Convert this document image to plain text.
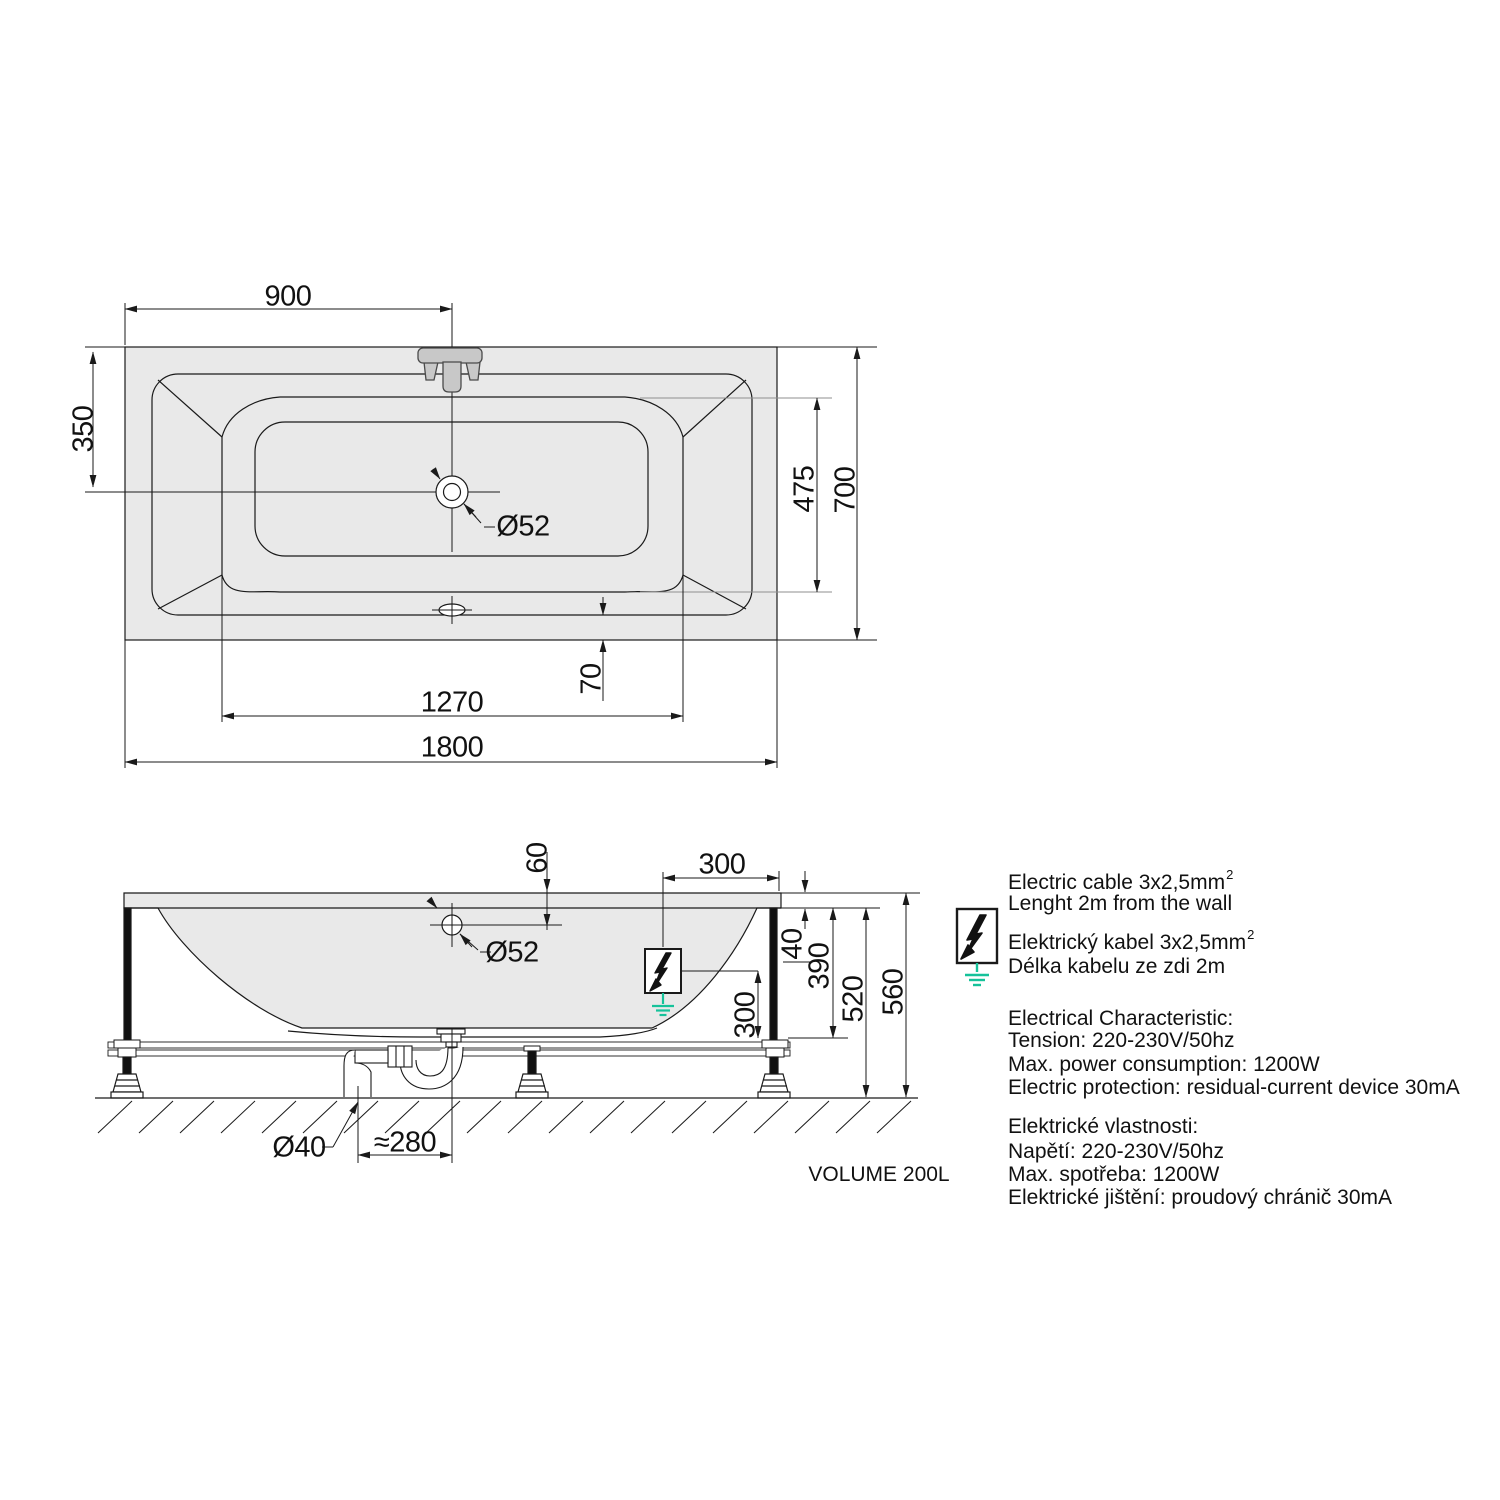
900
350
475 700
70
1270
1800
Ø52
60	300
40
390
520 560
300
Ø52
Ø40 ≈280
VOLUME 200L
Electric cable $3x2,5mm^2$
Lenght 2m from the wall
Elektrický kabel $3x2,5mm^2$
Délka kabelu ze zdi 2m
Electrical Characteristic:
Tension: 220-230V/50hz
Max. power consumption: 1200W
Electric protection: residual-current device 30mA
Elektrické vlastnosti:
Napětí: 220-230V/50hz
Max. spotřeba: 1200W
Elektrické jištění: proudový chránič 30mA
